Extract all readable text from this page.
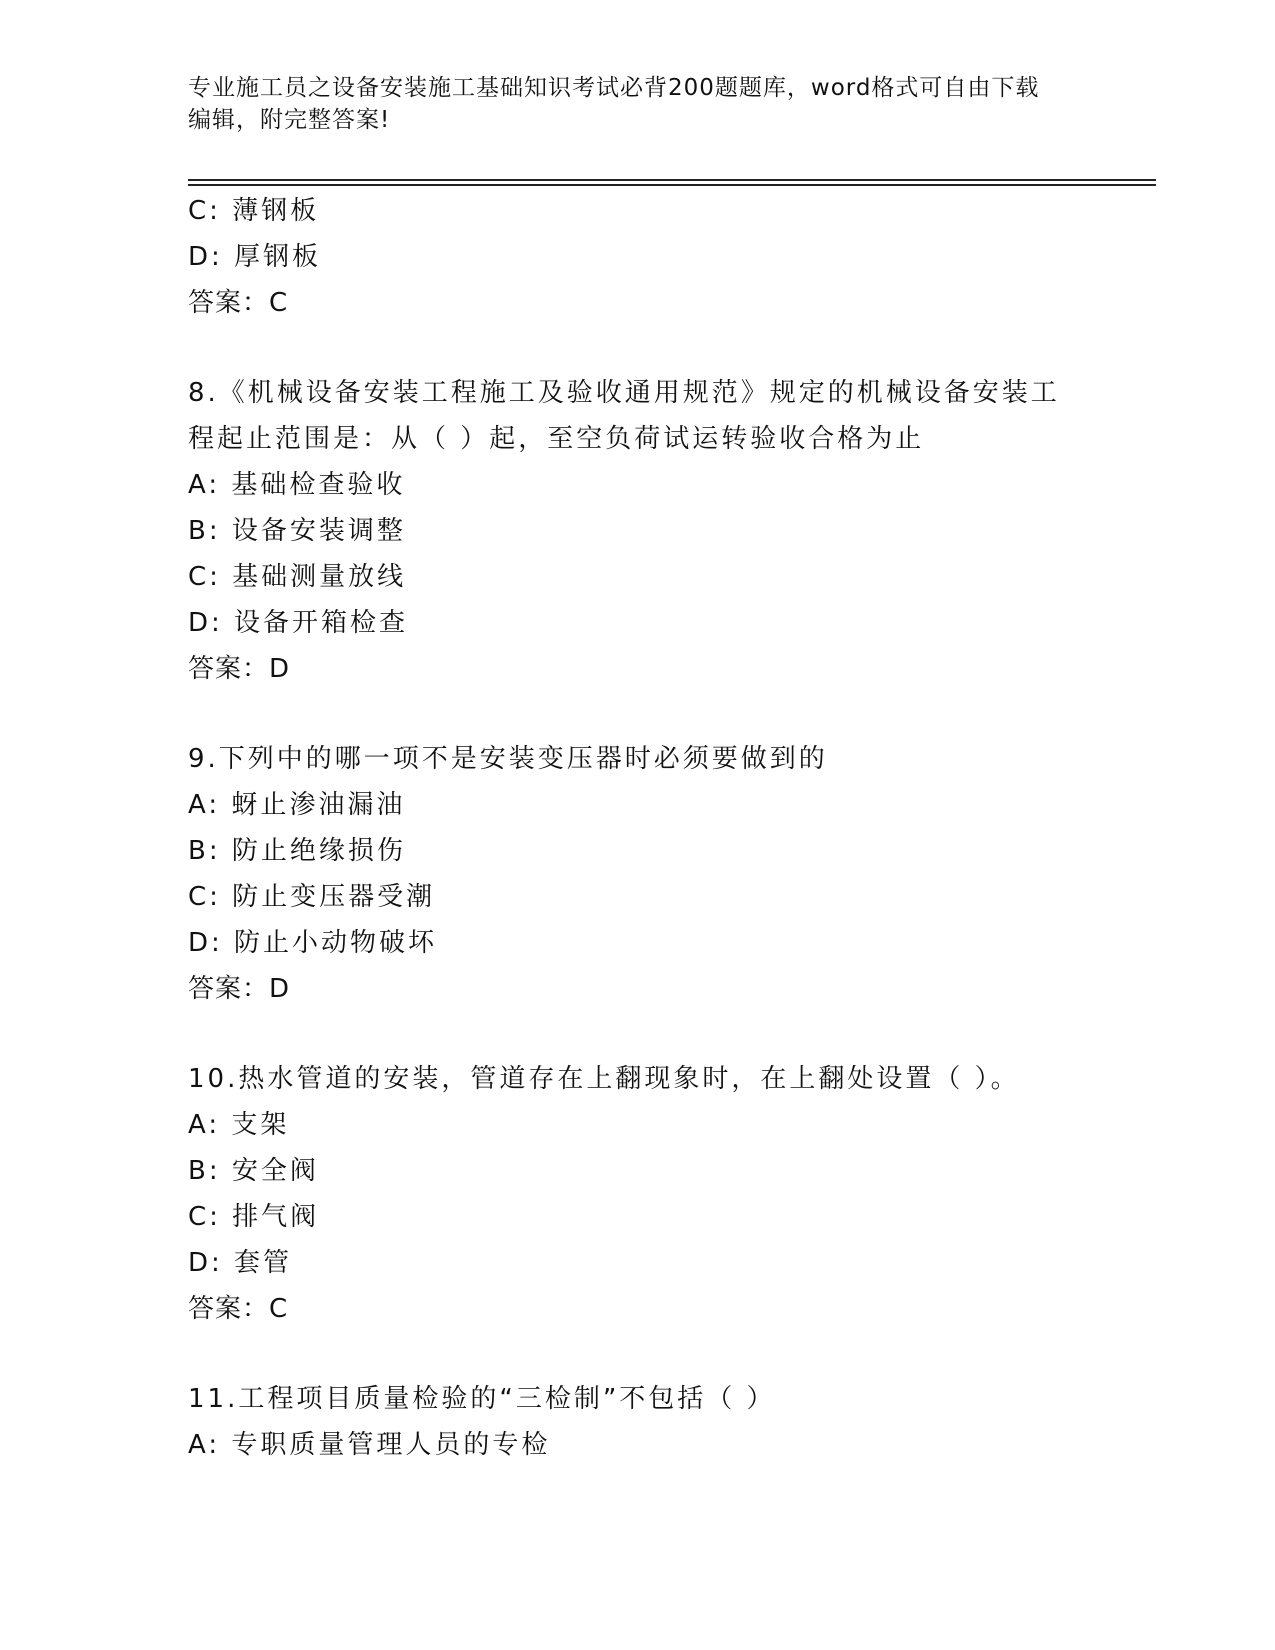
专业施工员之设备安装施工基础知识考试必背200题题库，word格式可自由下载
编辑，附完整答案!
C: 薄钢板
D: 厚钢板
答案：C
8.《机械设备安装工程施工及验收通用规范》规定的机械设备安装工
程起止范围是：从（ ）起，至空负荷试运转验收合格为止
A: 基础检查验收
B: 设备安装调整
C: 基础测量放线
D: 设备开箱检查
答案：D
9.下列中的哪一项不是安装变压器时必须要做到的
A: 蚜止渗油漏油
B: 防止绝缘损伤
C: 防止变压器受潮
D: 防止小动物破坏
答案：D
10.热水管道的安装，管道存在上翻现象时，在上翻处设置（ ）。
A: 支架
B: 安全阀
C: 排气阀
D: 套管
答案：C
11.工程项目质量检验的“三检制”不包括（ ）
A: 专职质量管理人员的专检
